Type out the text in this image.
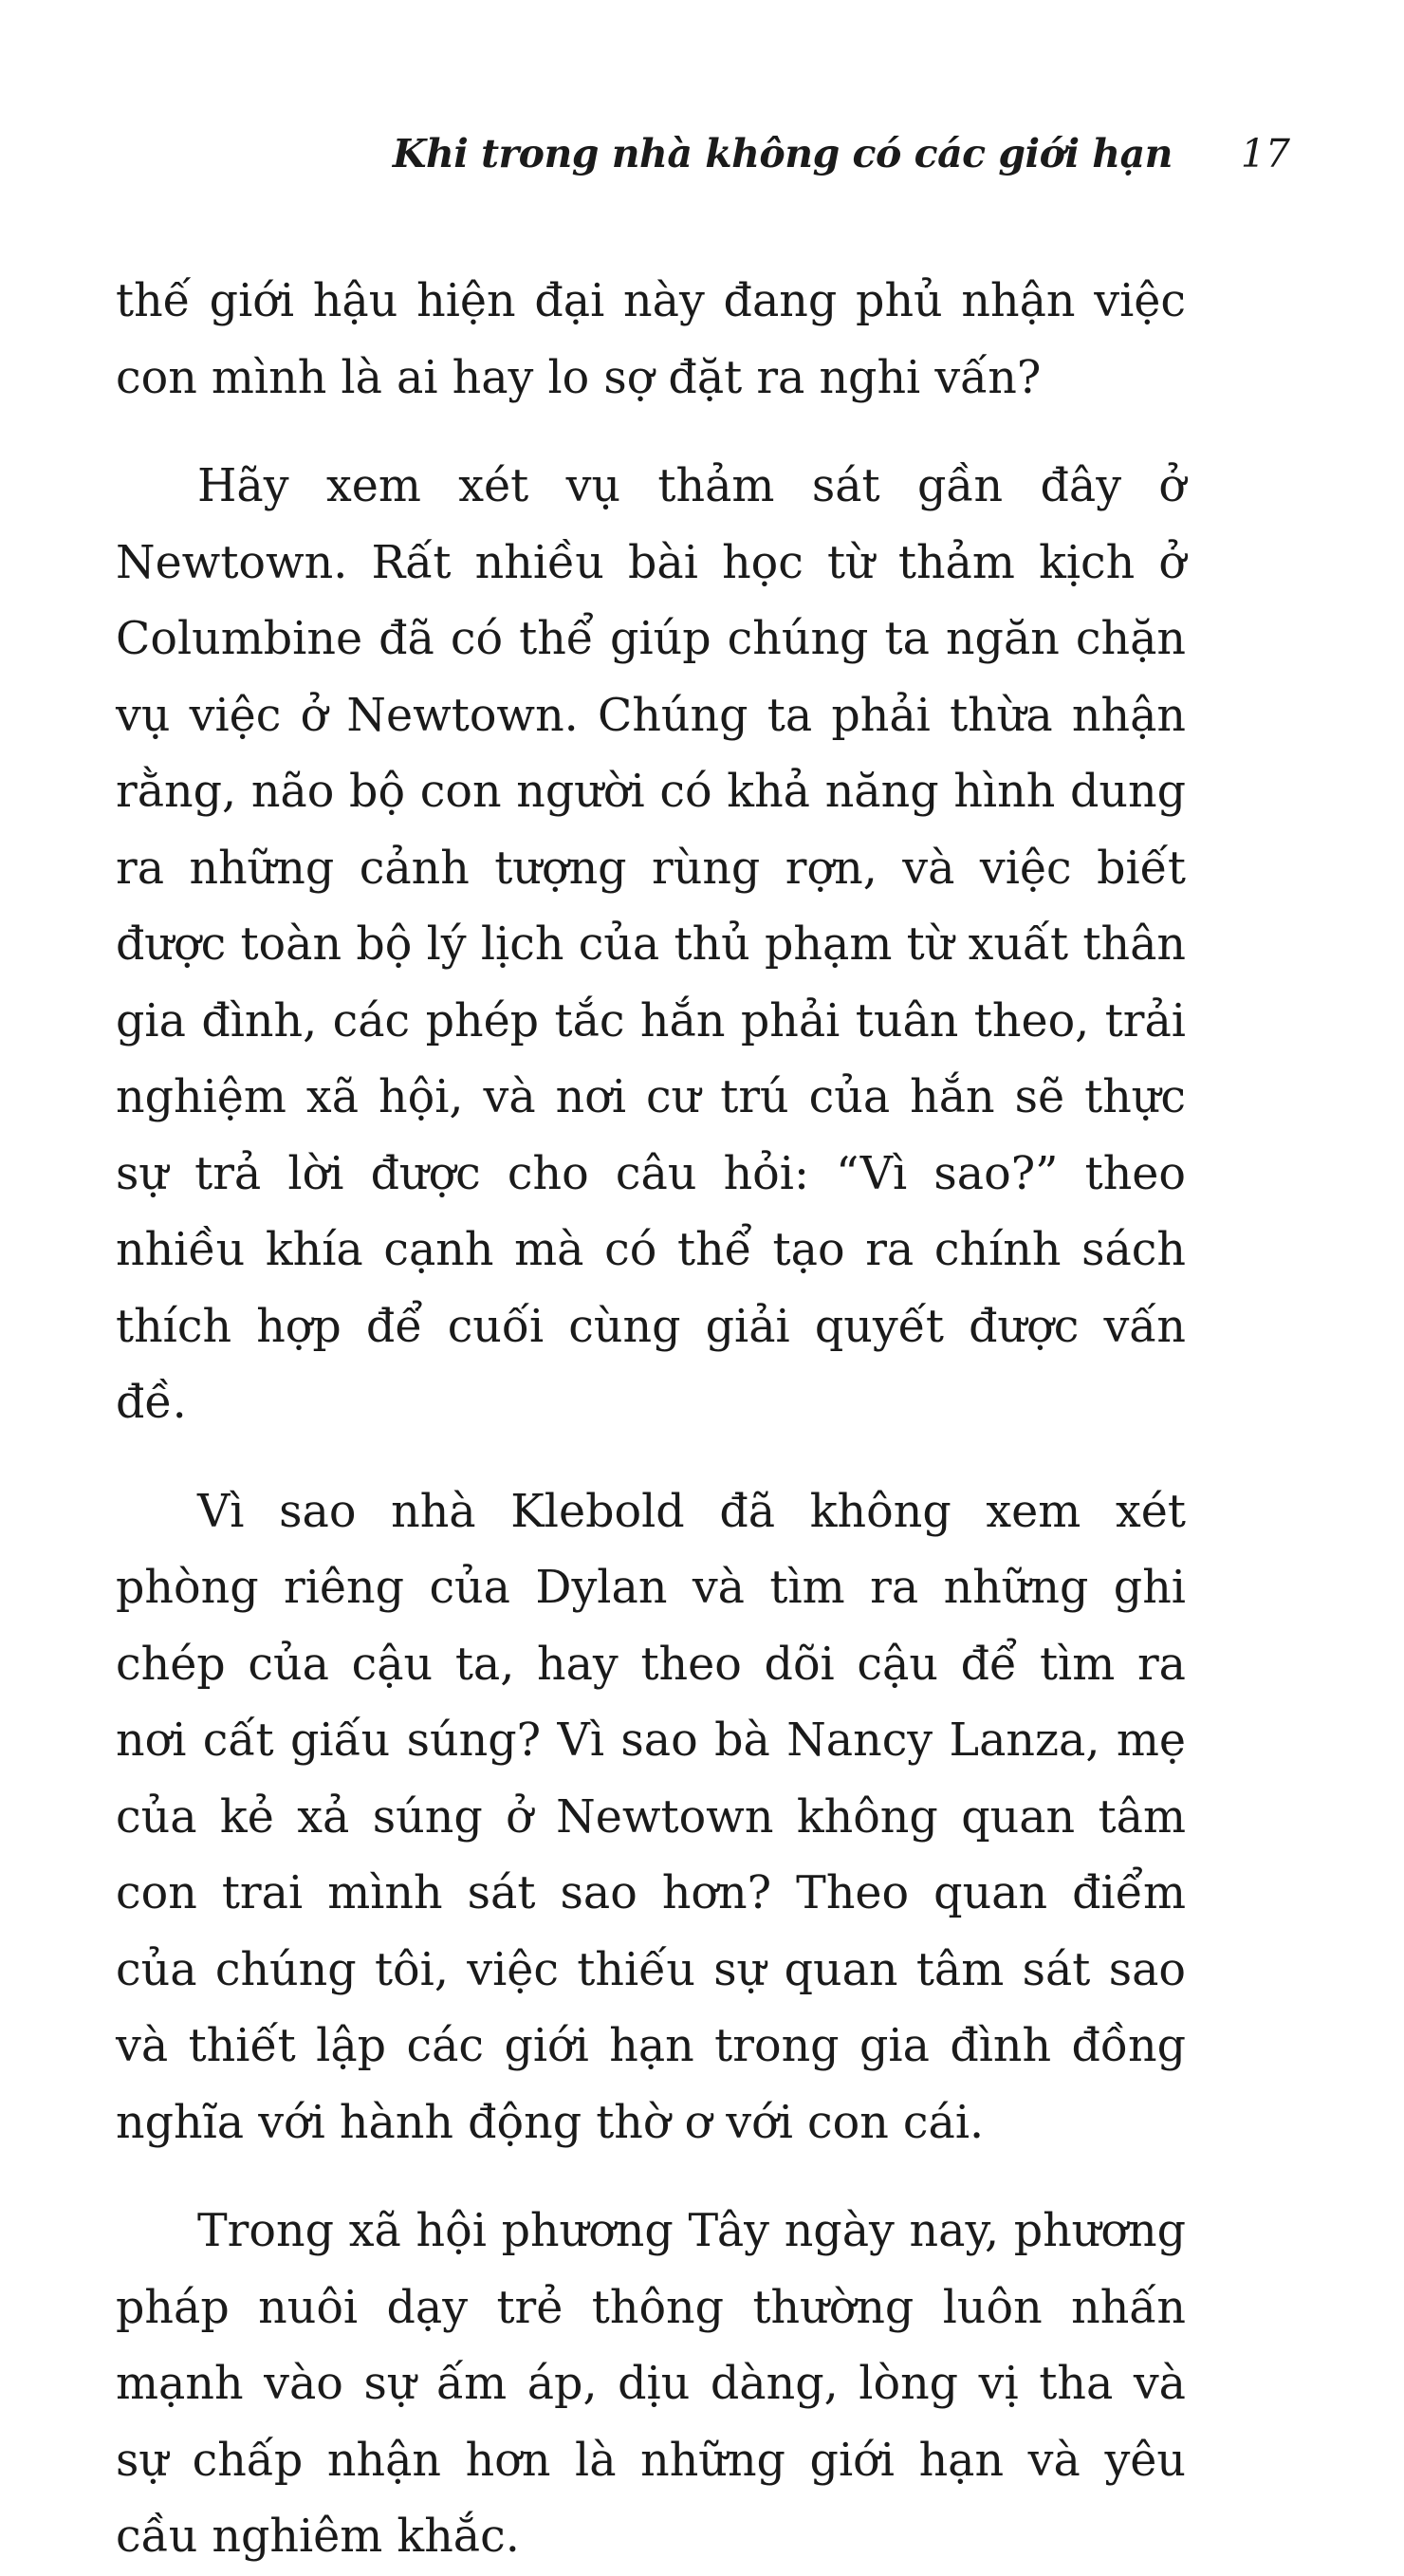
Khi trong nhà không có các giới hạn 17

thế giới hậu hiện đại này đang phủ nhận việc con mình là ai hay lo sợ đặt ra nghi vấn?

Hãy xem xét vụ thảm sát gần đây ở Newtown. Rất nhiều bài học từ thảm kịch ở Columbine đã có thể giúp chúng ta ngăn chặn vụ việc ở Newtown. Chúng ta phải thừa nhận rằng, não bộ con người có khả năng hình dung ra những cảnh tượng rùng rợn, và việc biết được toàn bộ lý lịch của thủ phạm từ xuất thân gia đình, các phép tắc hắn phải tuân theo, trải nghiệm xã hội, và nơi cư trú của hắn sẽ thực sự trả lời được cho câu hỏi: “Vì sao?” theo nhiều khía cạnh mà có thể tạo ra chính sách thích hợp để cuối cùng giải quyết được vấn đề.

Vì sao nhà Klebold đã không xem xét phòng riêng của Dylan và tìm ra những ghi chép của cậu ta, hay theo dõi cậu để tìm ra nơi cất giấu súng? Vì sao bà Nancy Lanza, mẹ của kẻ xả súng ở Newtown không quan tâm con trai mình sát sao hơn? Theo quan điểm của chúng tôi, việc thiếu sự quan tâm sát sao và thiết lập các giới hạn trong gia đình đồng nghĩa với hành động thờ ơ với con cái.

Trong xã hội phương Tây ngày nay, phương pháp nuôi dạy trẻ thông thường luôn nhấn mạnh vào sự ấm áp, dịu dàng, lòng vị tha và sự chấp nhận hơn là những giới hạn và yêu cầu nghiêm khắc.
